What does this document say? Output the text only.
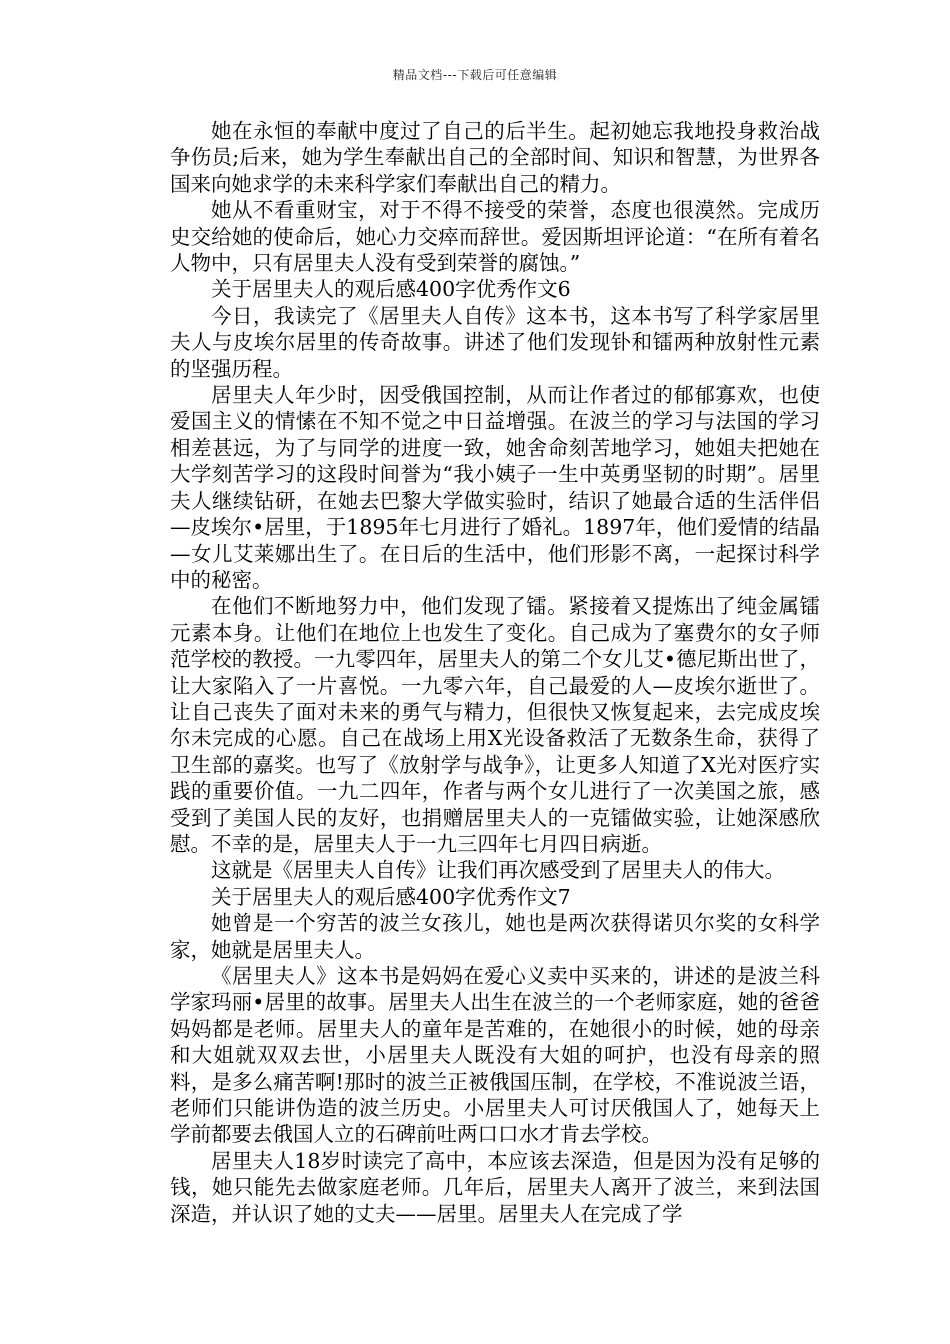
精品文档---下载后可任意编辑

她在永恒的奉献中度过了自己的后半生。起初她忘我地投身救治战争伤员;后来，她为学生奉献出自己的全部时间、知识和智慧，为世界各国来向她求学的未来科学家们奉献出自己的精力。

她从不看重财宝，对于不得不接受的荣誉，态度也很漠然。完成历史交给她的使命后，她心力交瘁而辞世。爱因斯坦评论道：“在所有着名人物中，只有居里夫人没有受到荣誉的腐蚀。”

关于居里夫人的观后感400字优秀作文6

今日，我读完了《居里夫人自传》这本书，这本书写了科学家居里夫人与皮埃尔居里的传奇故事。讲述了他们发现钋和镭两种放射性元素的坚强历程。

居里夫人年少时，因受俄国控制，从而让作者过的郁郁寡欢，也使爱国主义的情愫在不知不觉之中日益增强。在波兰的学习与法国的学习相差甚远，为了与同学的进度一致，她舍命刻苦地学习，她姐夫把她在大学刻苦学习的这段时间誉为“我小姨子一生中英勇坚韧的时期”。居里夫人继续钻研，在她去巴黎大学做实验时，结识了她最合适的生活伴侣—皮埃尔•居里，于1895年七月进行了婚礼。1897年，他们爱情的结晶—女儿艾莱娜出生了。在日后的生活中，他们形影不离，一起探讨科学中的秘密。

在他们不断地努力中，他们发现了镭。紧接着又提炼出了纯金属镭元素本身。让他们在地位上也发生了变化。自己成为了塞费尔的女子师范学校的教授。一九零四年，居里夫人的第二个女儿艾•德尼斯出世了，让大家陷入了一片喜悦。一九零六年，自己最爱的人—皮埃尔逝世了。让自己丧失了面对未来的勇气与精力，但很快又恢复起来，去完成皮埃尔未完成的心愿。自己在战场上用X光设备救活了无数条生命，获得了卫生部的嘉奖。也写了《放射学与战争》，让更多人知道了X光对医疗实践的重要价值。一九二四年，作者与两个女儿进行了一次美国之旅，感受到了美国人民的友好，也捐赠居里夫人的一克镭做实验，让她深感欣慰。不幸的是，居里夫人于一九三四年七月四日病逝。

这就是《居里夫人自传》让我们再次感受到了居里夫人的伟大。

关于居里夫人的观后感400字优秀作文7

她曾是一个穷苦的波兰女孩儿，她也是两次获得诺贝尔奖的女科学家，她就是居里夫人。

《居里夫人》这本书是妈妈在爱心义卖中买来的，讲述的是波兰科学家玛丽•居里的故事。居里夫人出生在波兰的一个老师家庭，她的爸爸妈妈都是老师。居里夫人的童年是苦难的，在她很小的时候，她的母亲和大姐就双双去世，小居里夫人既没有大姐的呵护，也没有母亲的照料，是多么痛苦啊!那时的波兰正被俄国压制，在学校，不准说波兰语，老师们只能讲伪造的波兰历史。小居里夫人可讨厌俄国人了，她每天上学前都要去俄国人立的石碑前吐两口口水才肯去学校。

居里夫人18岁时读完了高中，本应该去深造，但是因为没有足够的钱，她只能先去做家庭老师。几年后，居里夫人离开了波兰，来到法国深造，并认识了她的丈夫——居里。居里夫人在完成了学
